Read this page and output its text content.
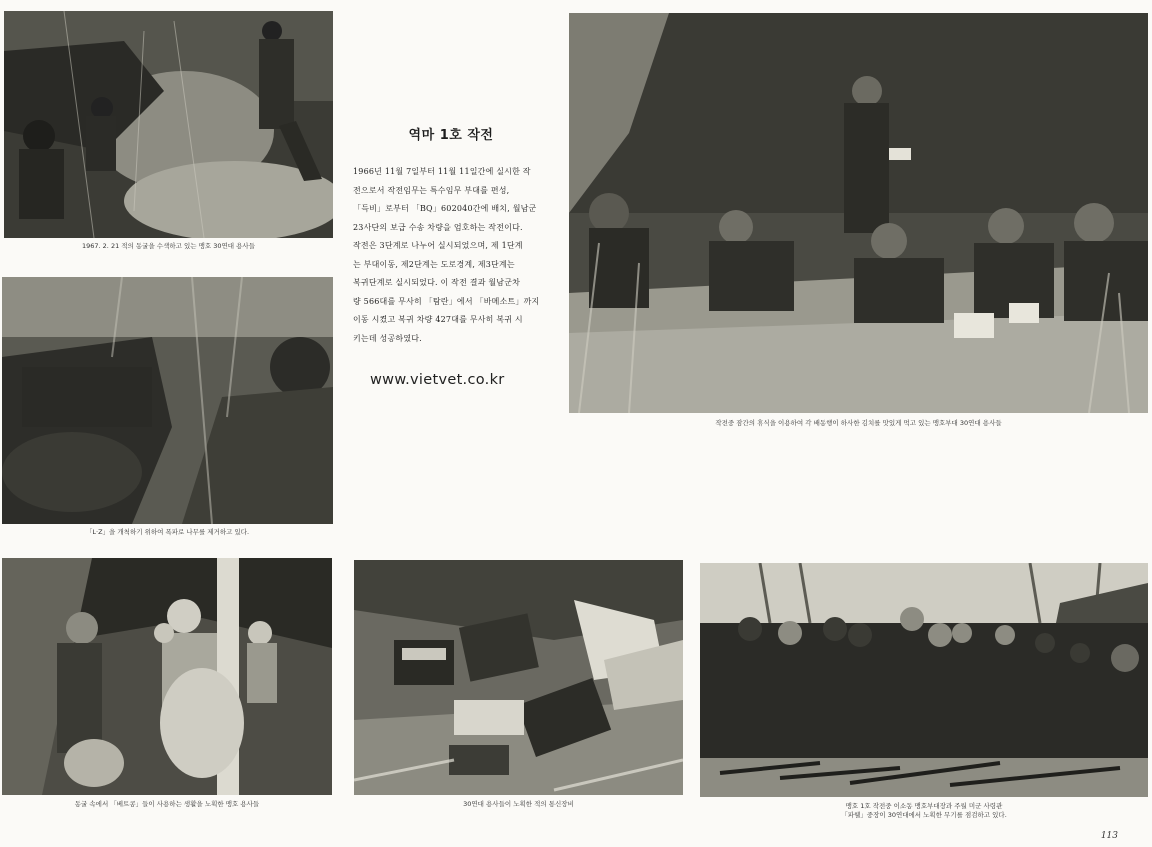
1967. 2. 21 적의 동굴을 수색하고 있는 맹호 30연대 용사들
「L·Z」을 개척하기 위하여 폭파로 나무를 제거하고 있다.
역마 1호 작전
1966년 11월 7일부터 11월 11일간에 실시한 작
전으로서 작전임무는 특수임무 부대를 편성,
「득비」로부터 「BQ」602040간에 배치, 월남군
23사단의 보급 수송 차량을 엄호하는 작전이다.
작전은 3단계로 나누어 실시되었으며, 제 1단계
는 부대이동, 제2단계는 도로경계, 제3단계는
복귀단계로 실시되었다. 이 작전 결과 월남군차
량 566대를 무사히 「탐란」에서 「바메소트」까지
이동 시켰고 복귀 차량 427대를 무사히 복귀 시
키는데 성공하였다.
www.vietvet.co.kr
작전중 잠간의 휴식을 이용하여 각 배동행이 하사한 김치를 맛있게 먹고 있는 맹호부대 30연대 용사들
동굴 속에서 「베트콩」들이 사용하는 생활을 노획한 맹호 용사들	30연대 용사들이 노획한 적의 통신장비	맹호 1호 작전중 이소동 맹호부대장과 주월 미군 사령관
「파웰」중장이 30연대에서 노획한 무기를 점검하고 있다.
113
